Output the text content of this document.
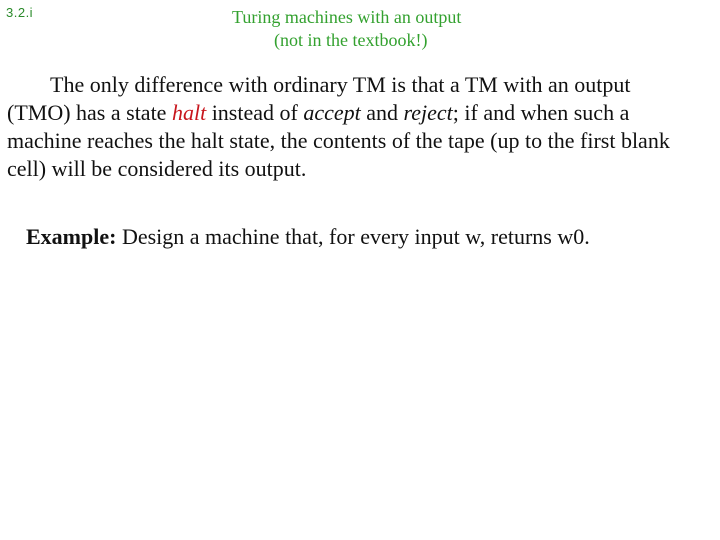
3.2.i	Turing machines with an output
(not in the textbook!)

The only difference with ordinary TM is that a TM with an output (TMO) has a state halt instead of accept and reject; if and when such a machine reaches the halt state, the contents of the tape (up to the first blank cell) will be considered its output.

Example: Design a machine that, for every input w, returns w0.
